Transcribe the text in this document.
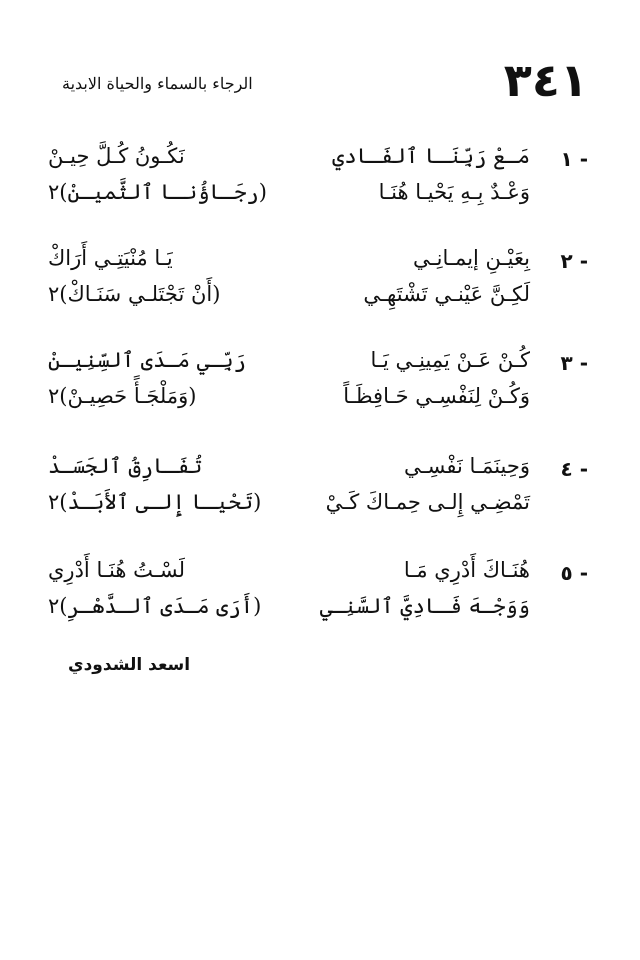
٣٤١
الرجاء بالسماء والحياة الابدية
١ -
مَـعْ رَبِّنَـا ٱلفَـادي
نَكُـونُ كُـلَّ حِيـنْ
وَعْـدٌ بِـهِ يَحْيـا هُنَـا
(رجَـاؤُنـا ٱلثَّميـنْ)٢
٢ -
بِعَيْـنِ إيمـانِـي
يَـا مُنْيَتِـي أَرَاكْ
لَكِـنَّ عَيْنـي تَشْتَهِـي
(أَنْ تَجْتَلـي سَنَـاكْ)٢
٣ -
كُـنْ عَـنْ يَمِينِـي يَـا
رَبِّـي مَـدَى ٱلسِّنِيـنْ
وَكُـنْ لِنَفْسِـي حَـافِظَـاً
(وَمَلْجَـأً حَصِيـنْ)٢
٤ -
وَحِينَمَـا نَفْسِـي
تُفَـارِقُ ٱلجَسَـدْ
تَمْضِـي إِلـى حِمـاكَ كَـيْ
(تَحْيـا إِلـى ٱلأَبَـدْ)٢
٥ -
هُنَـاكَ أَدْرِي مَـا
لَسْـتُ هُنَـا أَدْرِي
وَوَجْـهَ فَـادِيَّ ٱلسَّنِـي
(أَرَى مَـدَى ٱلـدَّهْـرِ)٢
اسعد الشدودي
